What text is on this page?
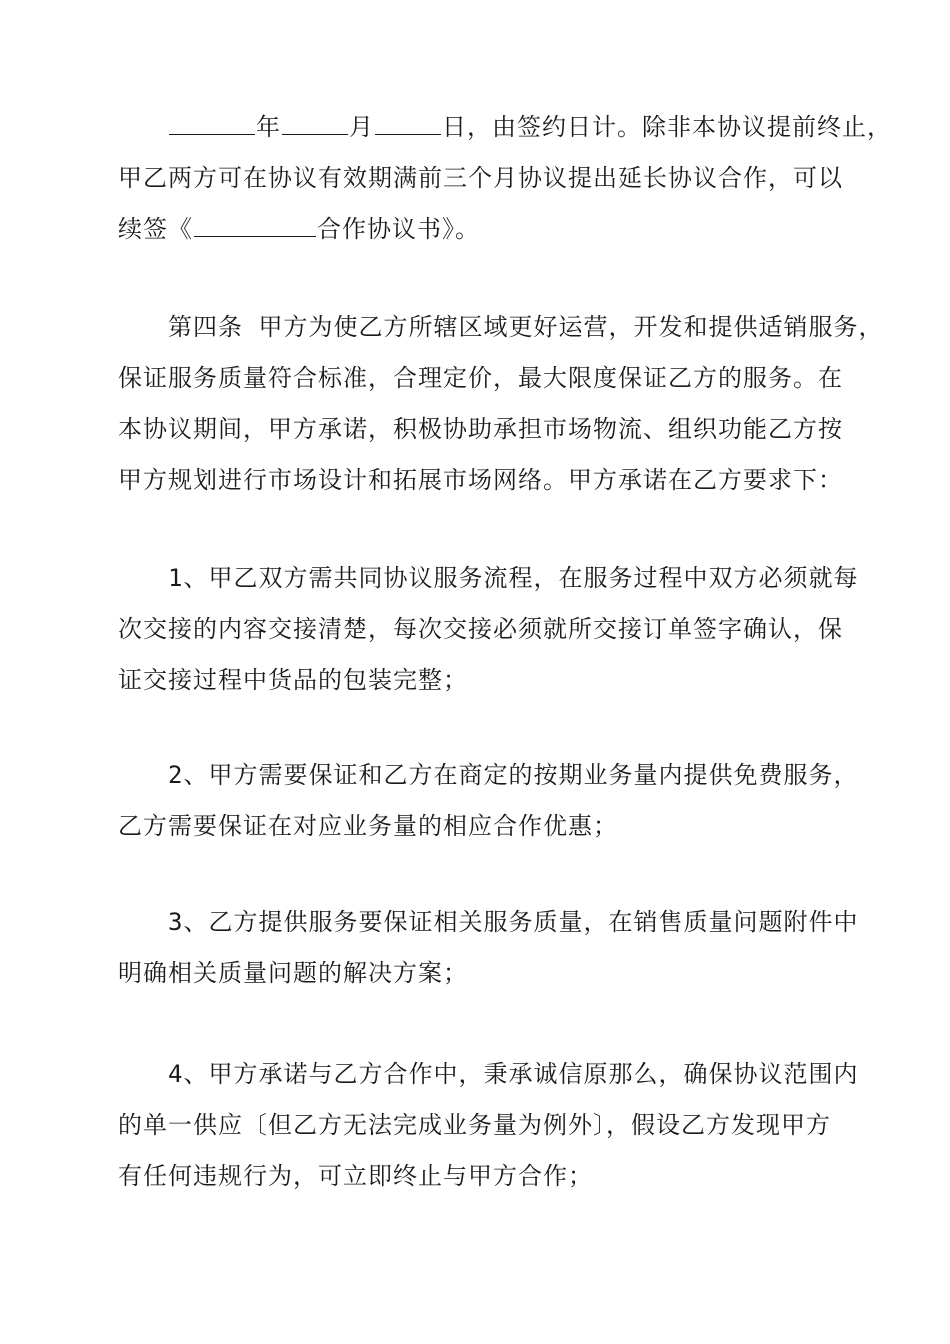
年	月	日，由签约日计。除非本协议提前终止，
甲乙两方可在协议有效期满前三个月协议提出延长协议合作，可以
续签《	合作协议书》。
第四条 甲方为使乙方所辖区域更好运营，开发和提供适销服务，
保证服务质量符合标准，合理定价，最大限度保证乙方的服务。在
本协议期间，甲方承诺，积极协助承担市场物流、组织功能乙方按
甲方规划进行市场设计和拓展市场网络。甲方承诺在乙方要求下：
1、甲乙双方需共同协议服务流程，在服务过程中双方必须就每
次交接的内容交接清楚，每次交接必须就所交接订单签字确认，保
证交接过程中货品的包装完整；
2、甲方需要保证和乙方在商定的按期业务量内提供免费服务，
乙方需要保证在对应业务量的相应合作优惠；
3、乙方提供服务要保证相关服务质量，在销售质量问题附件中
明确相关质量问题的解决方案；
4、甲方承诺与乙方合作中，秉承诚信原那么，确保协议范围内
的单一供应〔但乙方无法完成业务量为例外〕，假设乙方发现甲方
有任何违规行为，可立即终止与甲方合作；
